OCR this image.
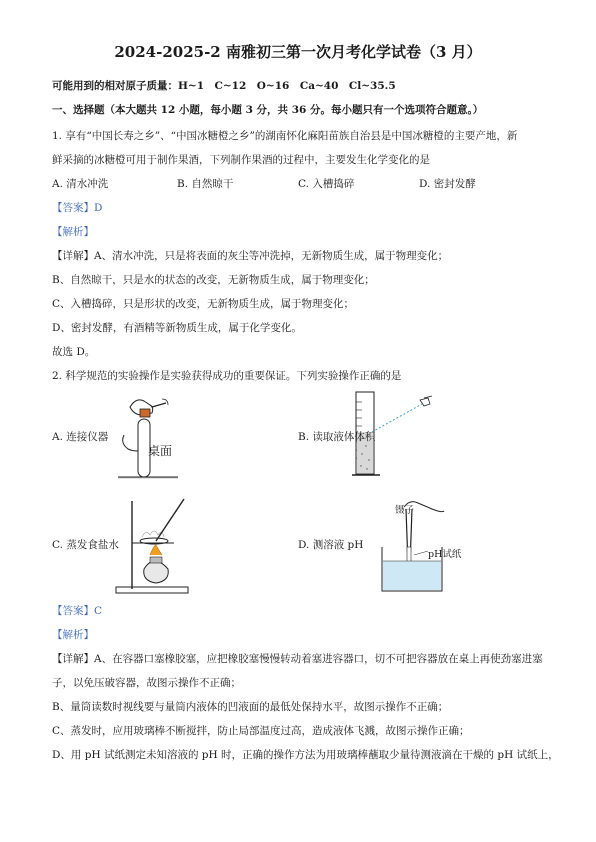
2024-2025-2 南雅初三第一次月考化学试卷（3 月）
可能用到的相对原子质量：H~1　C~12　O~16　Ca~40　Cl~35.5
一、选择题（本大题共 12 小题，每小题 3 分，共 36 分。每小题只有一个选项符合题意。）
1. 享有“中国长寿之乡”、“中国冰糖橙之乡”的湖南怀化麻阳苗族自治县是中国冰糖橙的主要产地，新
鲜采摘的冰糖橙可用于制作果酒，下列制作果酒的过程中，主要发生化学变化的是
A. 清水冲洗	B. 自然晾干	C. 入槽捣碎	D. 密封发酵
【答案】D
【解析】
【详解】A、清水冲洗，只是将表面的灰尘等冲洗掉，无新物质生成，属于物理变化；
B、自然晾干，只是水的状态的改变，无新物质生成，属于物理变化；
C、入槽捣碎，只是形状的改变，无新物质生成，属于物理变化；
D、密封发酵，有酒精等新物质生成，属于化学变化。
故选 D。
2. 科学规范的实验操作是实验获得成功的重要保证。下列实验操作正确的是
桌面
A. 连接仪器	B. 读取液体体积
C. 蒸发食盐水
镊子
pH试纸
D. 测溶液 pH
【答案】C
【解析】
【详解】A、在容器口塞橡胶塞，应把橡胶塞慢慢转动着塞进容器口，切不可把容器放在桌上再使劲塞进塞
子，以免压破容器，故图示操作不正确；
B、量筒读数时视线要与量筒内液体的凹液面的最低处保持水平，故图示操作不正确；
C、蒸发时，应用玻璃棒不断搅拌，防止局部温度过高，造成液体飞溅，故图示操作正确；
D、用 pH 试纸测定未知溶液的 pH 时，正确的操作方法为用玻璃棒蘸取少量待测液滴在干燥的 pH 试纸上，
